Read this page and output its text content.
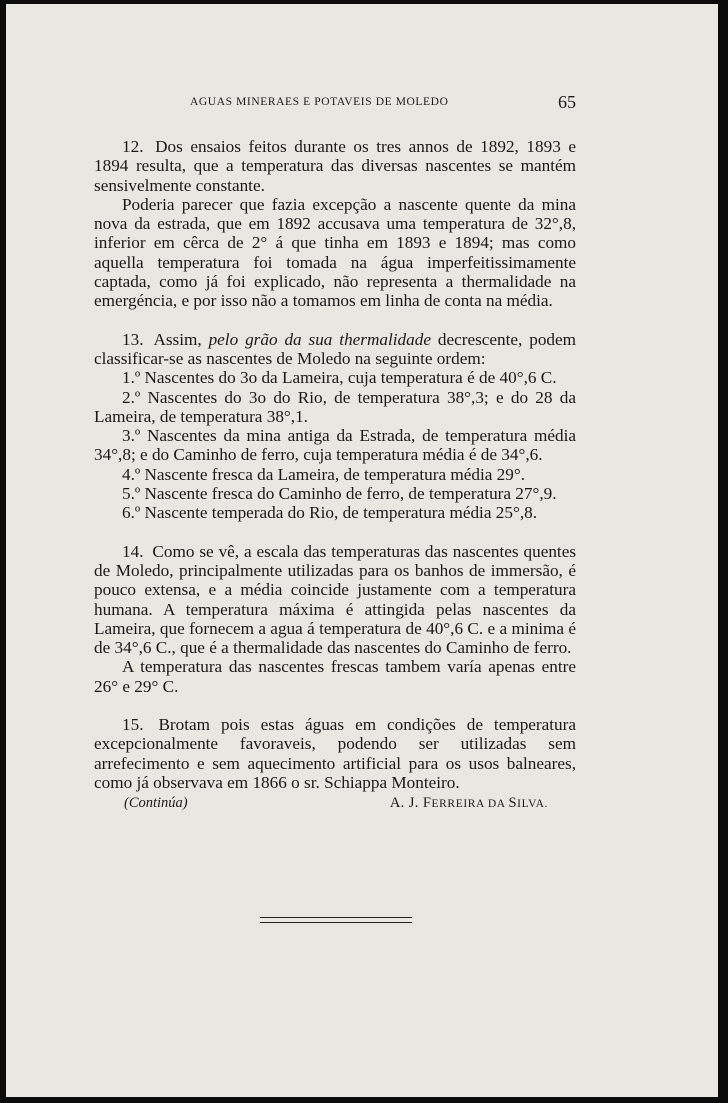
AGUAS MINERAES E POTAVEIS DE MOLEDO	65

12. Dos ensaios feitos durante os tres annos de 1892, 1893 e 1894 resulta, que a temperatura das diversas nascentes se mantém sensivelmente constante.

Poderia parecer que fazia excepção a nascente quente da mina nova da estrada, que em 1892 accusava uma temperatura de 32°,8, inferior em cêrca de 2° á que tinha em 1893 e 1894; mas como aquella temperatura foi tomada na água imperfeitissimamente captada, como já foi explicado, não representa a thermalidade na emergéncia, e por isso não a tomamos em linha de conta na média.

13. Assim, pelo grão da sua thermalidade decrescente, podem classificar-se as nascentes de Moledo na seguinte ordem:

1.º Nascentes do 3o da Lameira, cuja temperatura é de 40°,6 C.

2.º Nascentes do 3o do Rio, de temperatura 38°,3; e do 28 da Lameira, de temperatura 38°,1.

3.º Nascentes da mina antiga da Estrada, de temperatura média 34°,8; e do Caminho de ferro, cuja temperatura média é de 34°,6.

4.º Nascente fresca da Lameira, de temperatura média 29°.

5.º Nascente fresca do Caminho de ferro, de temperatura 27°,9.

6.º Nascente temperada do Rio, de temperatura média 25°,8.

14. Como se vê, a escala das temperaturas das nascentes quentes de Moledo, principalmente utilizadas para os banhos de immersão, é pouco extensa, e a média coincide justamente com a temperatura humana. A temperatura máxima é attingida pelas nascentes da Lameira, que fornecem a agua á temperatura de 40°,6 C. e a minima é de 34°,6 C., que é a thermalidade das nascentes do Caminho de ferro.

A temperatura das nascentes frescas tambem varía apenas entre 26° e 29° C.

15. Brotam pois estas águas em condições de temperatura excepcionalmente favoraveis, podendo ser utilizadas sem arrefecimento e sem aquecimento artificial para os usos balneares, como já observava em 1866 o sr. Schiappa Monteiro.

(Continúa)	A. J. FERREIRA DA SILVA.
